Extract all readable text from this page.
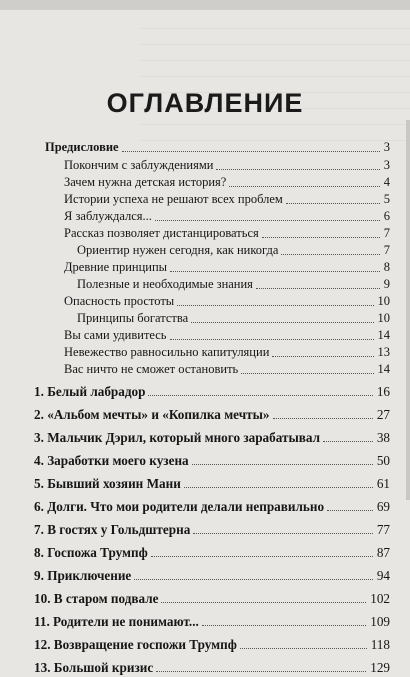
ОГЛАВЛЕНИЕ
Предисловие	3
Покончим с заблуждениями	3
Зачем нужна детская история?	4
Истории успеха не решают всех проблем	5
Я заблуждался...	6
Рассказ позволяет дистанцироваться	7
Ориентир нужен сегодня, как никогда	7
Древние принципы	8
Полезные и необходимые знания	9
Опасность простоты	10
Принципы богатства	10
Вы сами удивитесь	14
Невежество равносильно капитуляции	13
Вас ничто не сможет остановить	14
1. Белый лабрадор	16
2. «Альбом мечты» и «Копилка мечты»	27
3. Мальчик Дэрил, который много зарабатывал	38
4. Заработки моего кузена	50
5. Бывший хозяин Мани	61
6. Долги. Что мои родители делали неправильно	69
7. В гостях у Гольдштерна	77
8. Госпожа Трумпф	87
9. Приключение	94
10. В старом подвале	102
11. Родители не понимают...	109
12. Возвращение госпожи Трумпф	118
13. Большой кризис	129
